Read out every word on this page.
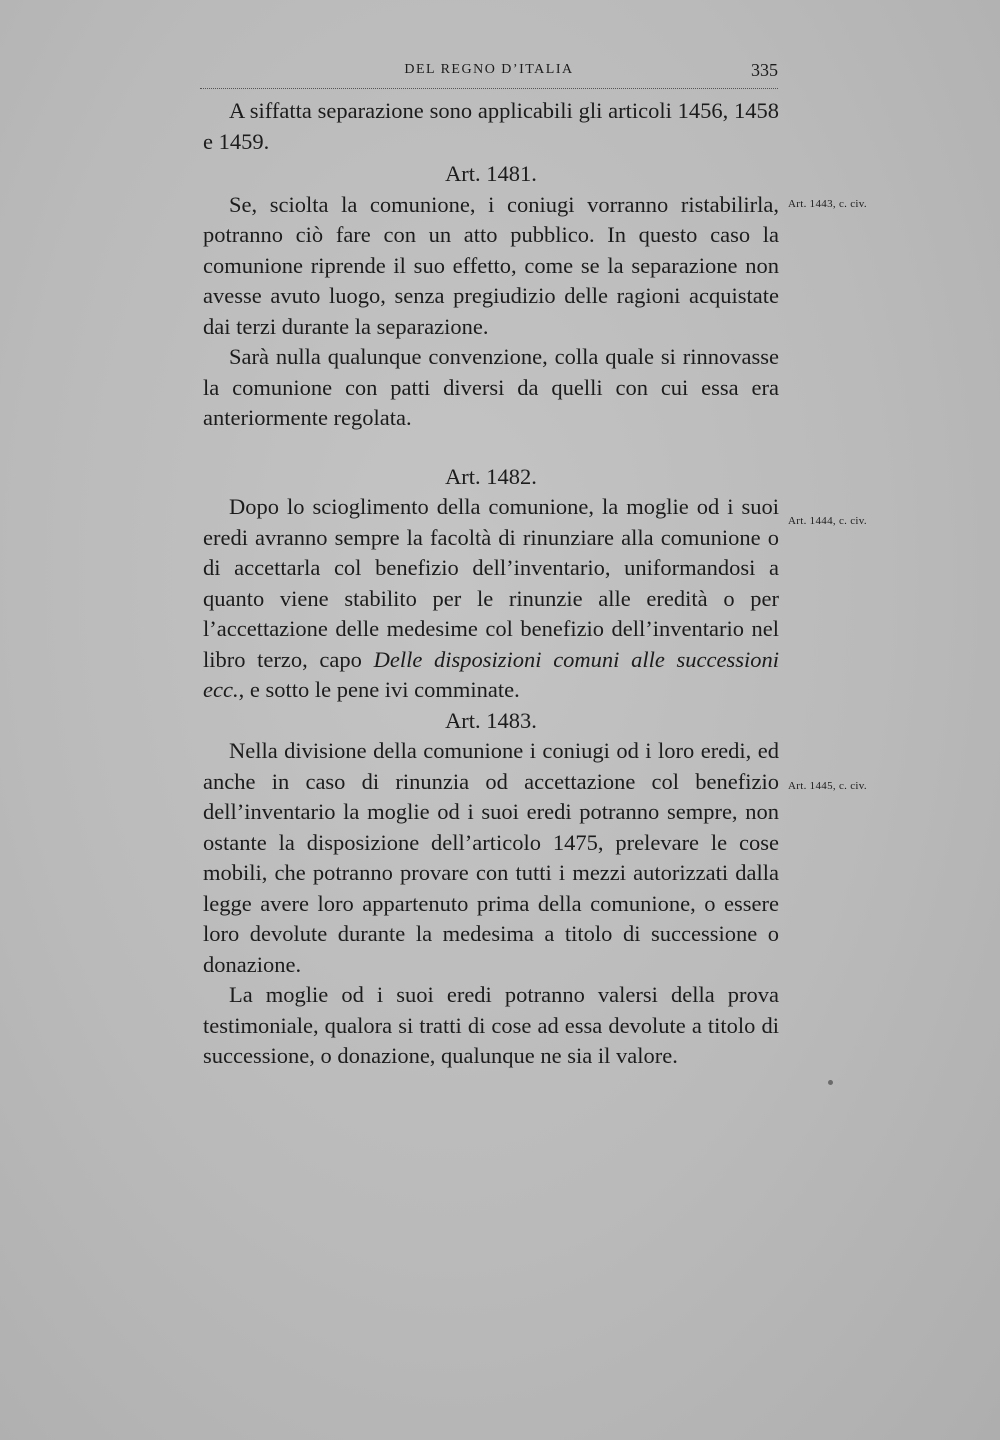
DEL REGNO D’ITALIA	335

A siffatta separazione sono applicabili gli articoli 1456, 1458 e 1459.

Art. 1481.

Se, sciolta la comunione, i coniugi vorranno ristabilirla, potranno ciò fare con un atto pubblico. In questo caso la comunione riprende il suo effetto, come se la separazione non avesse avuto luogo, senza pregiudizio delle ragioni acquistate dai terzi durante la separazione.

Sarà nulla qualunque convenzione, colla quale si rinnovasse la comunione con patti diversi da quelli con cui essa era anteriormente regolata.

Art. 1482.

Dopo lo scioglimento della comunione, la moglie od i suoi eredi avranno sempre la facoltà di rinunziare alla comunione o di accettarla col benefizio dell’inventario, uniformandosi a quanto viene stabilito per le rinunzie alle eredità o per l’accettazione delle medesime col benefizio dell’inventario nel libro terzo, capo Delle disposizioni comuni alle successioni ecc., e sotto le pene ivi comminate.

Art. 1483.

Nella divisione della comunione i coniugi od i loro eredi, ed anche in caso di rinunzia od accettazione col benefizio dell’inventario la moglie od i suoi eredi potranno sempre, non ostante la disposizione dell’articolo 1475, prelevare le cose mobili, che potranno provare con tutti i mezzi autorizzati dalla legge avere loro appartenuto prima della comunione, o essere loro devolute durante la medesima a titolo di successione o donazione.

La moglie od i suoi eredi potranno valersi della prova testimoniale, qualora si tratti di cose ad essa devolute a titolo di successione, o donazione, qualunque ne sia il valore.

Art. 1443, c. civ.
Art. 1444, c. civ.
Art. 1445, c. civ.
